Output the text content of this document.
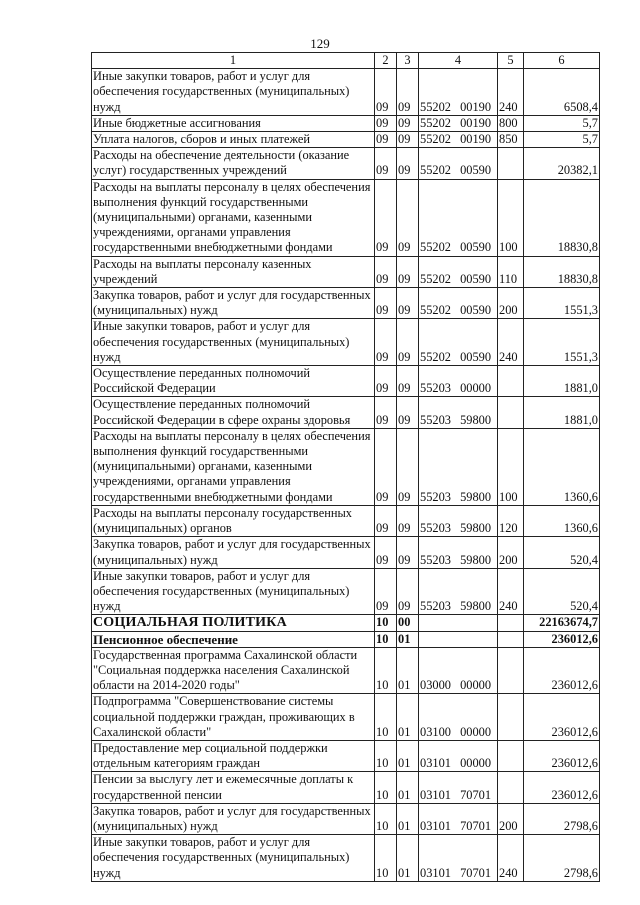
129
1	2	3	4	5	6
Иные закупки товаров, работ и услуг для обеспечения государственных (муниципальных) нужд	09	09	55202 00190	240	6508,4
Иные бюджетные ассигнования	09	09	55202 00190	800	5,7
Уплата налогов, сборов и иных платежей	09	09	55202 00190	850	5,7
Расходы на обеспечение деятельности (оказание услуг) государственных учреждений	09	09	55202 00590		20382,1
Расходы на выплаты персоналу в целях обеспечения выполнения функций государственными (муниципальными) органами, казенными учреждениями, органами управления государственными внебюджетными фондами	09	09	55202 00590	100	18830,8
Расходы на выплаты персоналу казенных учреждений	09	09	55202 00590	110	18830,8
Закупка товаров, работ и услуг для государственных (муниципальных) нужд	09	09	55202 00590	200	1551,3
Иные закупки товаров, работ и услуг для обеспечения государственных (муниципальных) нужд	09	09	55202 00590	240	1551,3
Осуществление переданных полномочий Российской Федерации	09	09	55203 00000		1881,0
Осуществление переданных полномочий Российской Федерации в сфере охраны здоровья	09	09	55203 59800		1881,0
Расходы на выплаты персоналу в целях обеспечения выполнения функций государственными (муниципальными) органами, казенными учреждениями, органами управления государственными внебюджетными фондами	09	09	55203 59800	100	1360,6
Расходы на выплаты персоналу государственных (муниципальных) органов	09	09	55203 59800	120	1360,6
Закупка товаров, работ и услуг для государственных (муниципальных) нужд	09	09	55203 59800	200	520,4
Иные закупки товаров, работ и услуг для обеспечения государственных (муниципальных) нужд	09	09	55203 59800	240	520,4
СОЦИАЛЬНАЯ ПОЛИТИКА	10	00			22163674,7
Пенсионное обеспечение	10	01			236012,6
Государственная программа Сахалинской области "Социальная поддержка населения Сахалинской области на 2014-2020 годы"	10	01	03000 00000		236012,6
Подпрограмма "Совершенствование системы социальной поддержки граждан, проживающих в Сахалинской области"	10	01	03100 00000		236012,6
Предоставление мер социальной поддержки отдельным категориям граждан	10	01	03101 00000		236012,6
Пенсии за выслугу лет и ежемесячные доплаты к государственной пенсии	10	01	03101 70701		236012,6
Закупка товаров, работ и услуг для государственных (муниципальных) нужд	10	01	03101 70701	200	2798,6
Иные закупки товаров, работ и услуг для обеспечения государственных (муниципальных) нужд	10	01	03101 70701	240	2798,6
